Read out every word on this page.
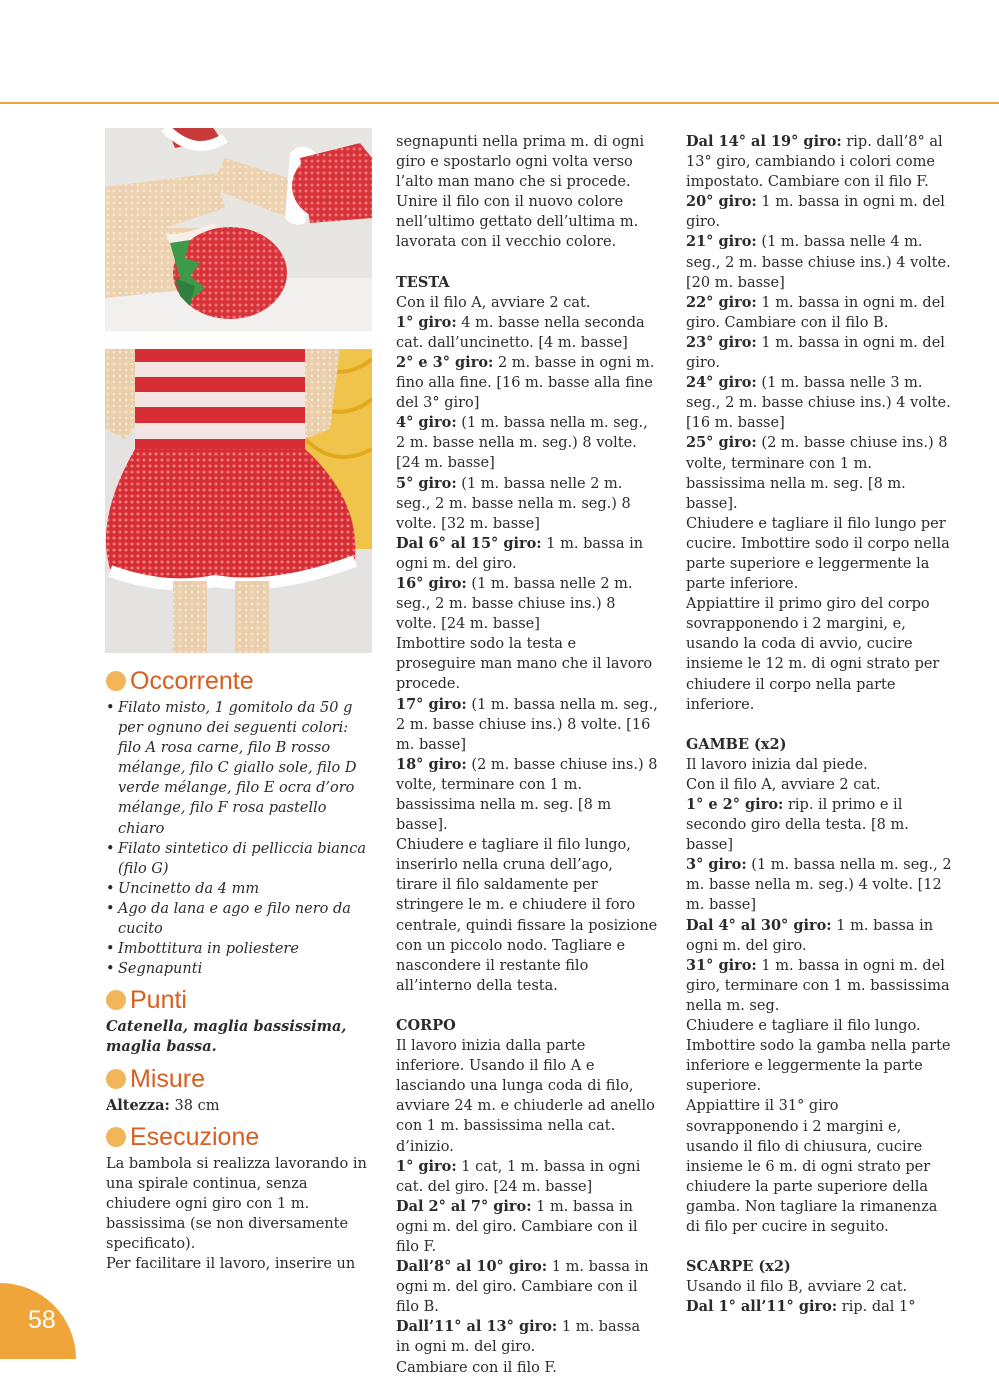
Occorrente
• Filato misto, 1 gomitolo da 50 g per ognuno dei seguenti colori: filo A rosa carne, filo B rosso mélange, filo C giallo sole, filo D verde mélange, filo E ocra d’oro mélange, filo F rosa pastello chiaro
• Filato sintetico di pelliccia bianca (filo G)
• Uncinetto da 4 mm
• Ago da lana e ago e filo nero da cucito
• Imbottitura in poliestere
• Segnapunti
Punti

Catenella, maglia bassissima, maglia bassa.

Misure

Altezza: 38 cm

Esecuzione

La bambola si realizza lavorando in una spirale continua, senza chiudere ogni giro con 1 m. bassissima (se non diversamente specificato).

Per facilitare il lavoro, inserire un

segnapunti nella prima m. di ogni giro e spostarlo ogni volta verso l’alto man mano che si procede. Unire il filo con il nuovo colore nell’ultimo gettato dell’ultima m. lavorata con il vecchio colore.

TESTA

Con il filo A, avviare 2 cat.

1° giro: 4 m. basse nella seconda cat. dall’uncinetto. [4 m. basse]

2° e 3° giro: 2 m. basse in ogni m. fino alla fine. [16 m. basse alla fine del 3° giro]

4° giro: (1 m. bassa nella m. seg., 2 m. basse nella m. seg.) 8 volte. [24 m. basse]

5° giro: (1 m. bassa nelle 2 m. seg., 2 m. basse nella m. seg.) 8 volte. [32 m. basse]

Dal 6° al 15° giro: 1 m. bassa in ogni m. del giro.

16° giro: (1 m. bassa nelle 2 m. seg., 2 m. basse chiuse ins.) 8 volte. [24 m. basse]

Imbottire sodo la testa e proseguire man mano che il lavoro procede.

17° giro: (1 m. bassa nella m. seg., 2 m. basse chiuse ins.) 8 volte. [16 m. basse]

18° giro: (2 m. basse chiuse ins.) 8 volte, terminare con 1 m. bassissima nella m. seg. [8 m basse].

Chiudere e tagliare il filo lungo, inserirlo nella cruna dell’ago, tirare il filo saldamente per stringere le m. e chiudere il foro centrale, quindi fissare la posizione con un piccolo nodo. Tagliare e nascondere il restante filo all’interno della testa.

CORPO

Il lavoro inizia dalla parte inferiore. Usando il filo A e lasciando una lunga coda di filo, avviare 24 m. e chiuderle ad anello con 1 m. bassissima nella cat. d’inizio.

1° giro: 1 cat, 1 m. bassa in ogni cat. del giro. [24 m. basse]

Dal 2° al 7° giro: 1 m. bassa in ogni m. del giro. Cambiare con il filo F.

Dall’8° al 10° giro: 1 m. bassa in ogni m. del giro. Cambiare con il filo B.

Dall’11° al 13° giro: 1 m. bassa in ogni m. del giro.

Cambiare con il filo F.

Dal 14° al 19° giro: rip. dall’8° al 13° giro, cambiando i colori come impostato. Cambiare con il filo F.

20° giro: 1 m. bassa in ogni m. del giro.

21° giro: (1 m. bassa nelle 4 m. seg., 2 m. basse chiuse ins.) 4 volte. [20 m. basse]

22° giro: 1 m. bassa in ogni m. del giro. Cambiare con il filo B.

23° giro: 1 m. bassa in ogni m. del giro.

24° giro: (1 m. bassa nelle 3 m. seg., 2 m. basse chiuse ins.) 4 volte. [16 m. basse]

25° giro: (2 m. basse chiuse ins.) 8 volte, terminare con 1 m. bassissima nella m. seg. [8 m. basse].

Chiudere e tagliare il filo lungo per cucire. Imbottire sodo il corpo nella parte superiore e leggermente la parte inferiore.

Appiattire il primo giro del corpo sovrapponendo i 2 margini, e, usando la coda di avvio, cucire insieme le 12 m. di ogni strato per chiudere il corpo nella parte inferiore.

GAMBE (x2)

Il lavoro inizia dal piede.

Con il filo A, avviare 2 cat.

1° e 2° giro: rip. il primo e il secondo giro della testa. [8 m. basse]

3° giro: (1 m. bassa nella m. seg., 2 m. basse nella m. seg.) 4 volte. [12 m. basse]

Dal 4° al 30° giro: 1 m. bassa in ogni m. del giro.

31° giro: 1 m. bassa in ogni m. del giro, terminare con 1 m. bassissima nella m. seg.

Chiudere e tagliare il filo lungo. Imbottire sodo la gamba nella parte inferiore e leggermente la parte superiore.

Appiattire il 31° giro sovrapponendo i 2 margini e, usando il filo di chiusura, cucire insieme le 6 m. di ogni strato per chiudere la parte superiore della gamba. Non tagliare la rimanenza di filo per cucire in seguito.

SCARPE (x2)

Usando il filo B, avviare 2 cat.

Dal 1° all’11° giro: rip. dal 1°

58
